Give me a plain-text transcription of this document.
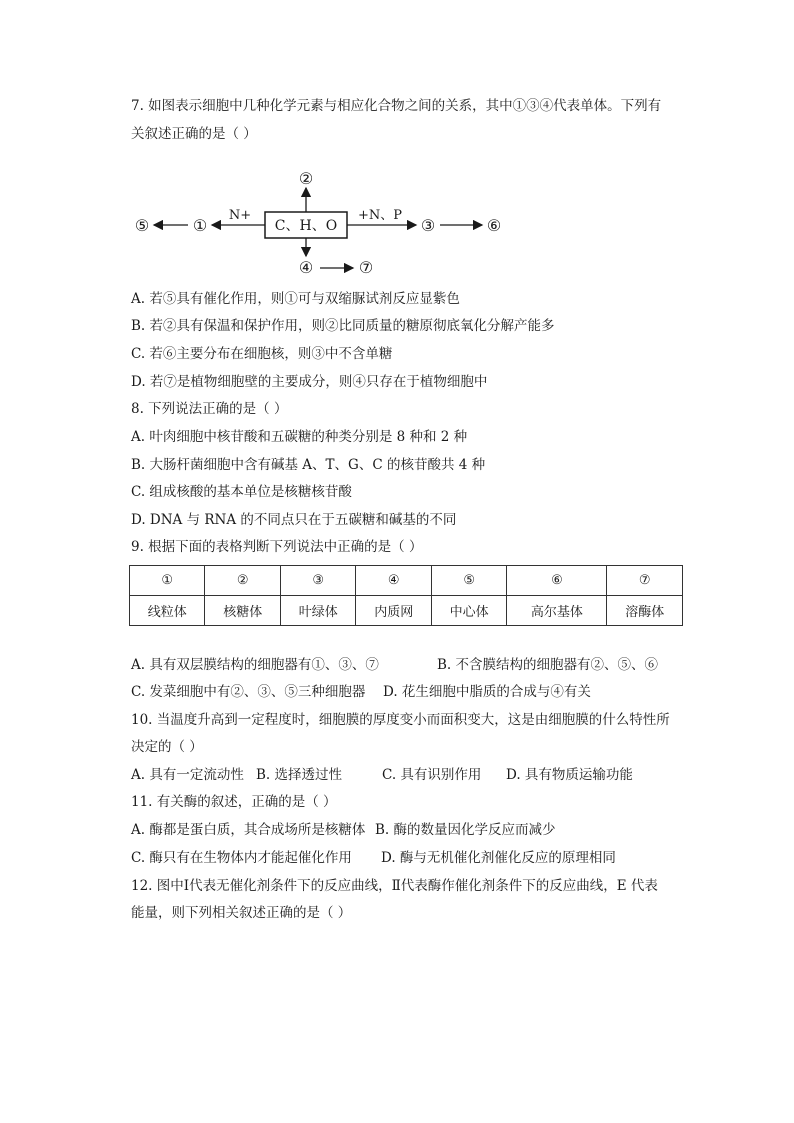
7. 如图表示细胞中几种化学元素与相应化合物之间的关系，其中①③④代表单体。下列有
关叙述正确的是（ ）
C、H、O
②
④	⑦
N+
①
⑤
+N、P
③	⑥
A. 若⑤具有催化作用，则①可与双缩脲试剂反应显紫色
B. 若②具有保温和保护作用，则②比同质量的糖原彻底氧化分解产能多
C. 若⑥主要分布在细胞核，则③中不含单糖
D. 若⑦是植物细胞壁的主要成分，则④只存在于植物细胞中
8. 下列说法正确的是（ ）
A. 叶肉细胞中核苷酸和五碳糖的种类分别是 8 种和 2 种
B. 大肠杆菌细胞中含有碱基 A、T、G、C 的核苷酸共 4 种
C. 组成核酸的基本单位是核糖核苷酸
D. DNA 与 RNA 的不同点只在于五碳糖和碱基的不同
9. 根据下面的表格判断下列说法中正确的是（ ）
①	②	③	④	⑤	⑥	⑦
线粒体	核糖体	叶绿体	内质网	中心体	高尔基体	溶酶体
A. 具有双层膜结构的细胞器有①、③、⑦	B. 不含膜结构的细胞器有②、⑤、⑥
C. 发菜细胞中有②、③、⑤三种细胞器 D. 花生细胞中脂质的合成与④有关
10. 当温度升高到一定程度时，细胞膜的厚度变小而面积变大，这是由细胞膜的什么特性所
决定的（ ）
A. 具有一定流动性 B. 选择透过性	C. 具有识别作用 D. 具有物质运输功能
11. 有关酶的叙述，正确的是（ ）
A. 酶都是蛋白质，其合成场所是核糖体 B. 酶的数量因化学反应而减少
C. 酶只有在生物体内才能起催化作用 D. 酶与无机催化剂催化反应的原理相同
12. 图中Ⅰ代表无催化剂条件下的反应曲线，Ⅱ代表酶作催化剂条件下的反应曲线，E 代表
能量，则下列相关叙述正确的是（ ）
